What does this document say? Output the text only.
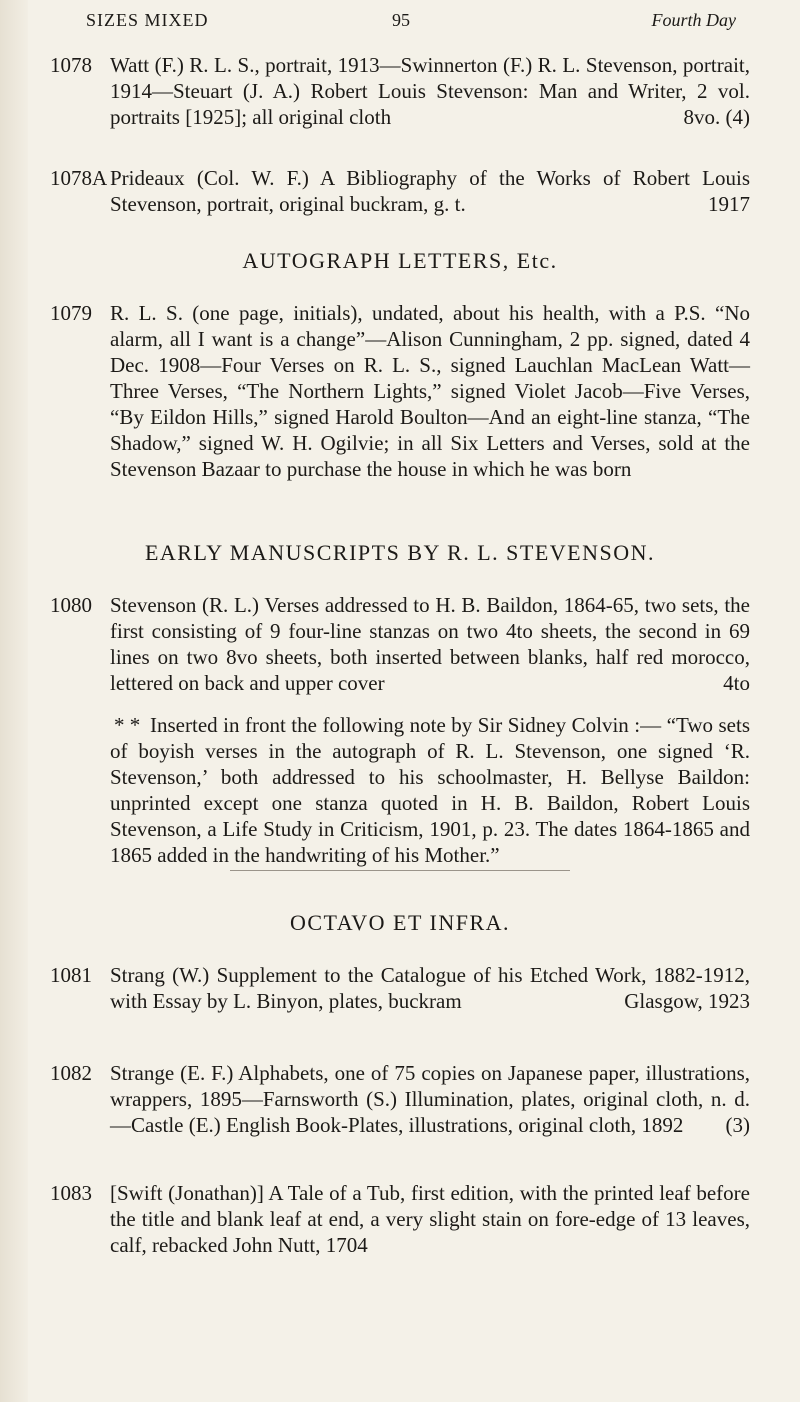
SIZES MIXED	95	Fourth Day
1078 Watt (F.) R. L. S., portrait, 1913—Swinnerton (F.) R. L. Stevenson, portrait, 1914—Steuart (J. A.) Robert Louis Stevenson: Man and Writer, 2 vol. portraits [1925]; all original cloth	8vo. (4)
1078A Prideaux (Col. W. F.) A Bibliography of the Works of Robert Louis Stevenson, portrait, original buckram, g. t.	1917
AUTOGRAPH LETTERS, Etc.
1079 R. L. S. (one page, initials), undated, about his health, with a P.S. “No alarm, all I want is a change”—Alison Cunningham, 2 pp. signed, dated 4 Dec. 1908—Four Verses on R. L. S., signed Lauchlan MacLean Watt—Three Verses, “The Northern Lights,” signed Violet Jacob—Five Verses, “By Eildon Hills,” signed Harold Boulton—And an eight-line stanza, “The Shadow,” signed W. H. Ogilvie; in all Six Letters and Verses, sold at the Stevenson Bazaar to purchase the house in which he was born
EARLY MANUSCRIPTS BY R. L. STEVENSON.
1080 Stevenson (R. L.) Verses addressed to H. B. Baildon, 1864-65, two sets, the first consisting of 9 four-line stanzas on two 4to sheets, the second in 69 lines on two 8vo sheets, both inserted between blanks, half red morocco, lettered on back and upper cover	4to
* * Inserted in front the following note by Sir Sidney Colvin :— “Two sets of boyish verses in the autograph of R. L. Stevenson, one signed ‘R. Stevenson,’ both addressed to his schoolmaster, H. Bellyse Baildon: unprinted except one stanza quoted in H. B. Baildon, Robert Louis Stevenson, a Life Study in Criticism, 1901, p. 23. The dates 1864-1865 and 1865 added in the handwriting of his Mother.”
OCTAVO ET INFRA.
1081 Strang (W.) Supplement to the Catalogue of his Etched Work, 1882-1912, with Essay by L. Binyon, plates, buckram	Glasgow, 1923
1082 Strange (E. F.) Alphabets, one of 75 copies on Japanese paper, illustrations, wrappers, 1895—Farnsworth (S.) Illumination, plates, original cloth, n. d.—Castle (E.) English Book-Plates, illustrations, original cloth, 1892 (3)
1083 [Swift (Jonathan)] A Tale of a Tub, first edition, with the printed leaf before the title and blank leaf at end, a very slight stain on fore-edge of 13 leaves, calf, rebacked John Nutt, 1704
